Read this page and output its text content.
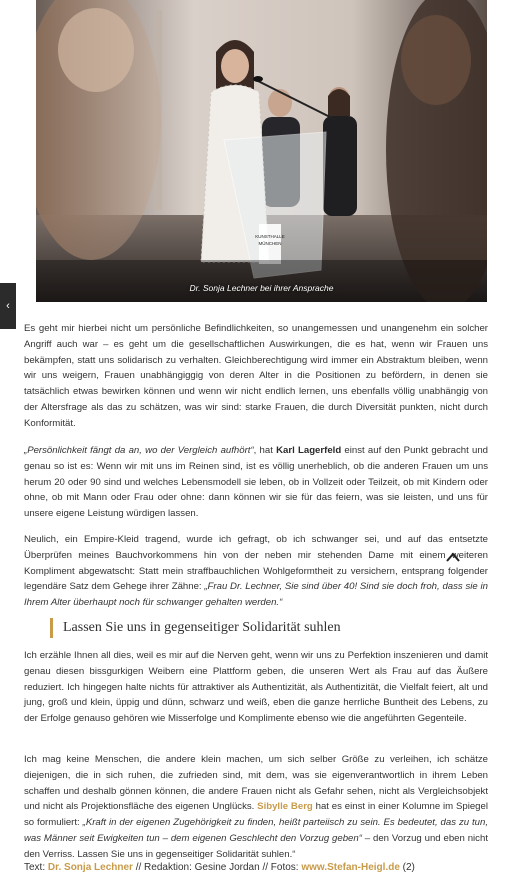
KUNSTHALLE
MÜNCHEN
Dr. Sonja Lechner bei ihrer Ansprache
‹

Es geht mir hierbei nicht um persönliche Befindlichkeiten, so unangemessen und unangenehm ein solcher Angriff auch war – es geht um die gesellschaftlichen Auswirkungen, die es hat, wenn wir Frauen uns bekämpfen, statt uns solidarisch zu verhalten. Gleichberechtigung wird immer ein Abstraktum bleiben, wenn wir uns weigern, Frauen unabhängiggig von deren Alter in die Positionen zu befördern, in denen sie tatsächlich etwas bewirken können und wenn wir nicht endlich lernen, uns ebenfalls völlig unabhängig von der Altersfrage als das zu schätzen, was wir sind: starke Frauen, die durch Diversität punkten, nicht durch Konformität.

„Persönlichkeit fängt da an, wo der Vergleich aufhört“, hat Karl Lagerfeld einst auf den Punkt gebracht und genau so ist es: Wenn wir mit uns im Reinen sind, ist es völlig unerheblich, ob die anderen Frauen um uns herum 20 oder 90 sind und welches Lebensmodell sie leben, ob in Vollzeit oder Teilzeit, ob mit Kindern oder ohne, ob mit Mann oder Frau oder ohne: dann können wir sie für das feiern, was sie leisten, und uns für unsere eigene Leistung würdigen lassen.

Neulich, ein Empire-Kleid tragend, wurde ich gefragt, ob ich schwanger sei, und auf das entsetzte Überprüfen meines Bauchvorkommens hin von der neben mir stehenden Dame mit einem weiteren Kompliment abgewatscht: Statt mein straffbauchlichen Wohlgeformtheit zu versichern, entsprang folgender legendäre Satz dem Gehege ihrer Zähne: „Frau Dr. Lechner, Sie sind über 40! Sind sie doch froh, dass sie in Ihrem Alter überhaupt noch für schwanger gehalten werden.“

Lassen Sie uns in gegenseitiger Solidarität suhlen

Ich erzähle Ihnen all dies, weil es mir auf die Nerven geht, wenn wir uns zu Perfektion inszenieren und damit genau diesen bissgurkigen Weibern eine Plattform geben, die unseren Wert als Frau auf das Äußere reduziert. Ich hingegen halte nichts für attraktiver als Authentizität, als Authentizität, die Vielfalt feiert, alt und jung, groß und klein, üppig und dünn, schwarz und weiß, eben die ganze herrliche Buntheit des Lebens, zu der Erfolge genauso gehören wie Misserfolge und Komplimente ebenso wie die angeführten Gegenteile.

Ich mag keine Menschen, die andere klein machen, um sich selber Größe zu verleihen, ich schätze diejenigen, die in sich ruhen, die zufrieden sind, mit dem, was sie eigenverantwortlich in ihrem Leben schaffen und deshalb gönnen können, die andere Frauen nicht als Gefahr sehen, nicht als Vergleichsobjekt und nicht als Projektionsfläche des eigenen Unglücks. Sibylle Berg hat es einst in einer Kolumne im Spiegel so formuliert: „Kraft in der eigenen Zugehörigkeit zu finden, heißt parteiisch zu sein. Es bedeutet, das zu tun, was Männer seit Ewigkeiten tun – dem eigenen Geschlecht den Vorzug geben“ – den Vorzug und eben nicht den Verriss. Lassen Sie uns in gegenseitiger Solidarität suhlen.“

Text: Dr. Sonja Lechner // Redaktion: Gesine Jordan // Fotos: www.Stefan-Heigl.de (2)
